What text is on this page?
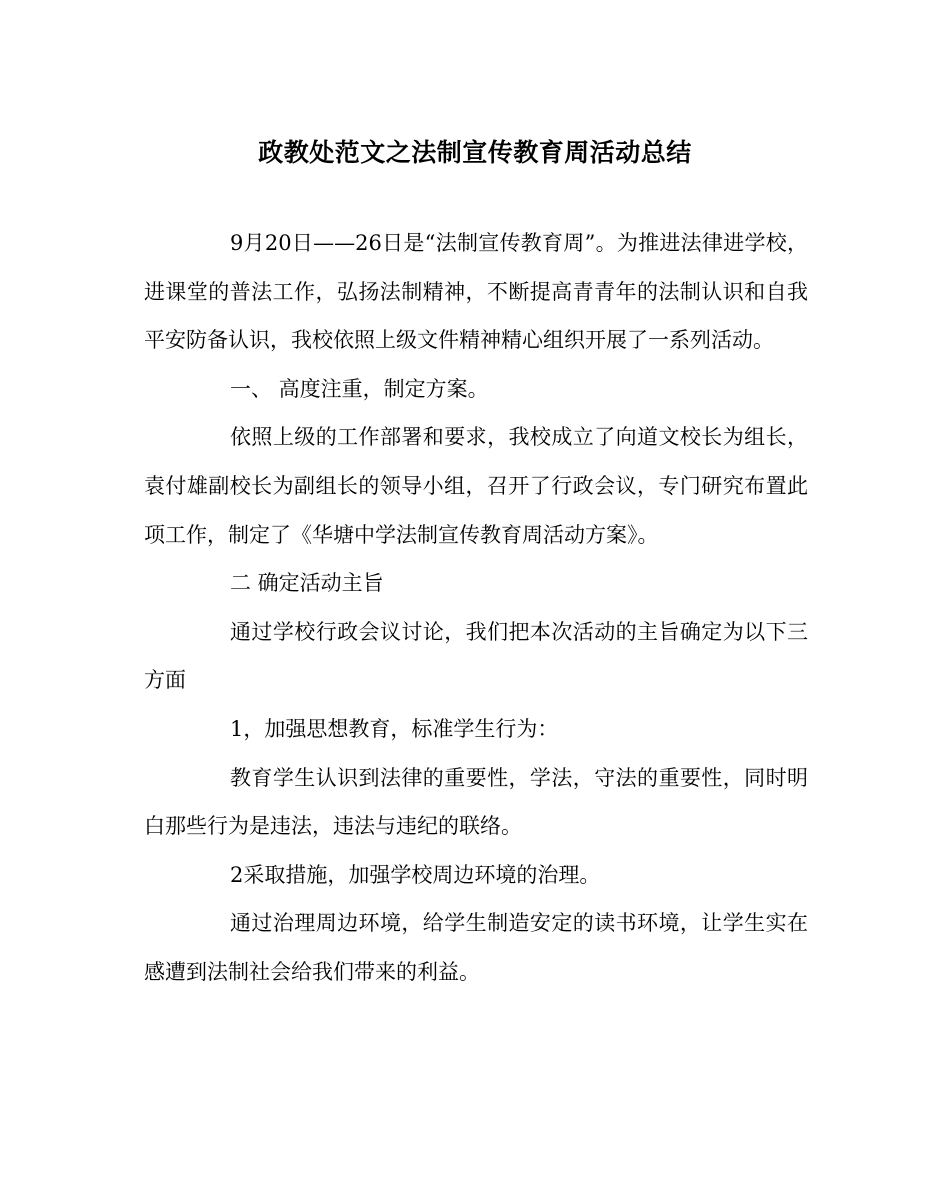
政教处范文之法制宣传教育周活动总结

9月20日——26日是“法制宣传教育周”。为推进法律进学校，进课堂的普法工作，弘扬法制精神，不断提高青青年的法制认识和自我平安防备认识，我校依照上级文件精神精心组织开展了一系列活动。

一、 高度注重，制定方案。

依照上级的工作部署和要求，我校成立了向道文校长为组长，袁付雄副校长为副组长的领导小组，召开了行政会议，专门研究布置此项工作，制定了《华塘中学法制宣传教育周活动方案》。

二 确定活动主旨

通过学校行政会议讨论，我们把本次活动的主旨确定为以下三方面

1，加强思想教育，标准学生行为：

教育学生认识到法律的重要性，学法，守法的重要性，同时明白那些行为是违法，违法与违纪的联络。

2采取措施，加强学校周边环境的治理。

通过治理周边环境，给学生制造安定的读书环境，让学生实在感遭到法制社会给我们带来的利益。
